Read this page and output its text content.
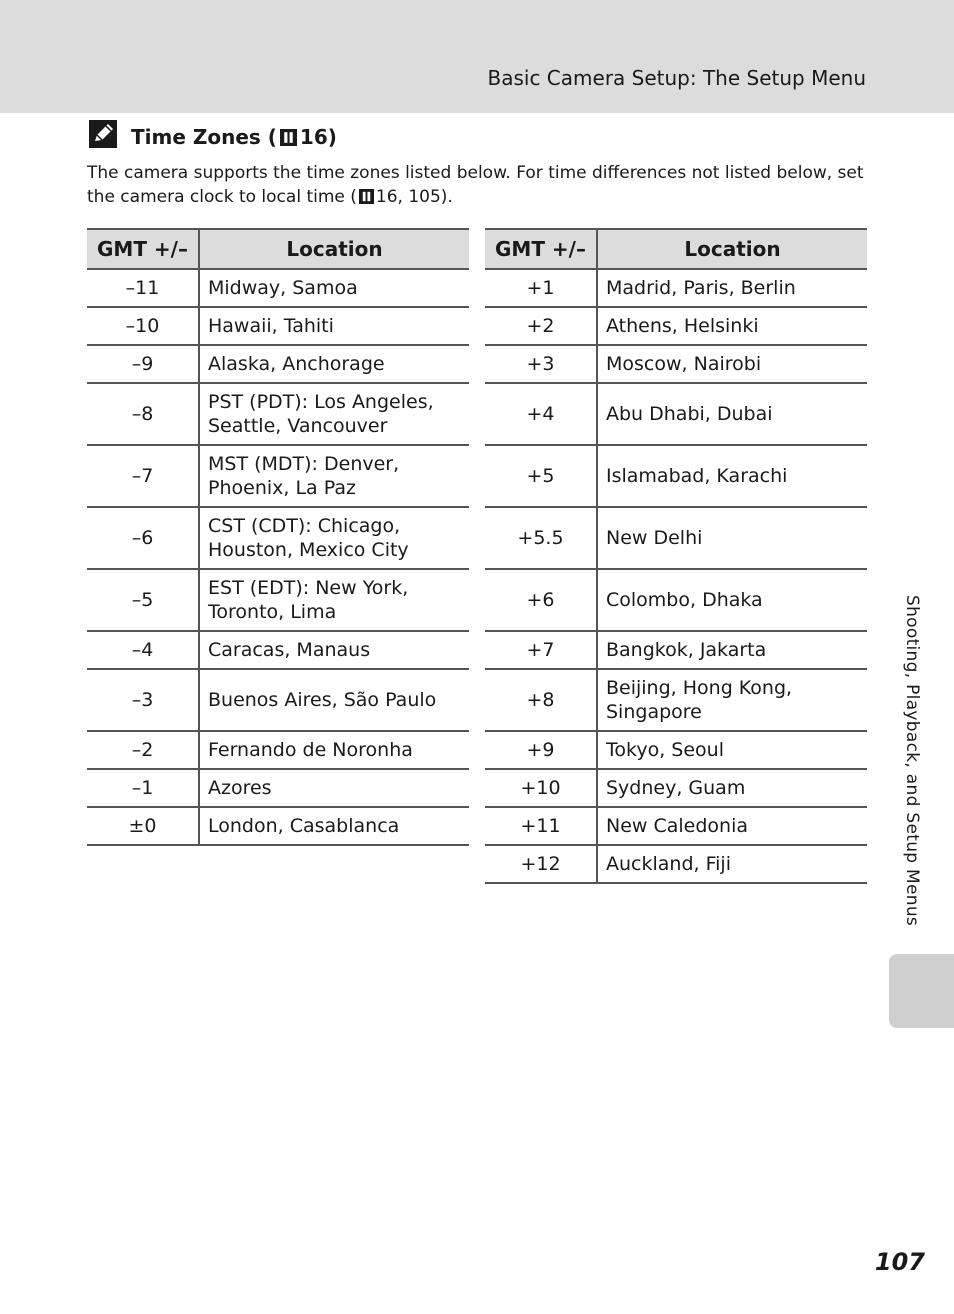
Basic Camera Setup: The Setup Menu
Time Zones ( 16)
The camera supports the time zones listed below. For time differences not listed below, set the camera clock to local time ( 16, 105).
GMT +/–	Location
–11	Midway, Samoa
–10	Hawaii, Tahiti
–9	Alaska, Anchorage
–8	PST (PDT): Los Angeles, Seattle, Vancouver
–7	MST (MDT): Denver, Phoenix, La Paz
–6	CST (CDT): Chicago, Houston, Mexico City
–5	EST (EDT): New York, Toronto, Lima
–4	Caracas, Manaus
–3	Buenos Aires, São Paulo
–2	Fernando de Noronha
–1	Azores
±0	London, Casablanca
GMT +/–	Location
+1	Madrid, Paris, Berlin
+2	Athens, Helsinki
+3	Moscow, Nairobi
+4	Abu Dhabi, Dubai
+5	Islamabad, Karachi
+5.5	New Delhi
+6	Colombo, Dhaka
+7	Bangkok, Jakarta
+8	Beijing, Hong Kong, Singapore
+9	Tokyo, Seoul
+10	Sydney, Guam
+11	New Caledonia
+12	Auckland, Fiji	Shooting, Playback, and Setup Menus
107
